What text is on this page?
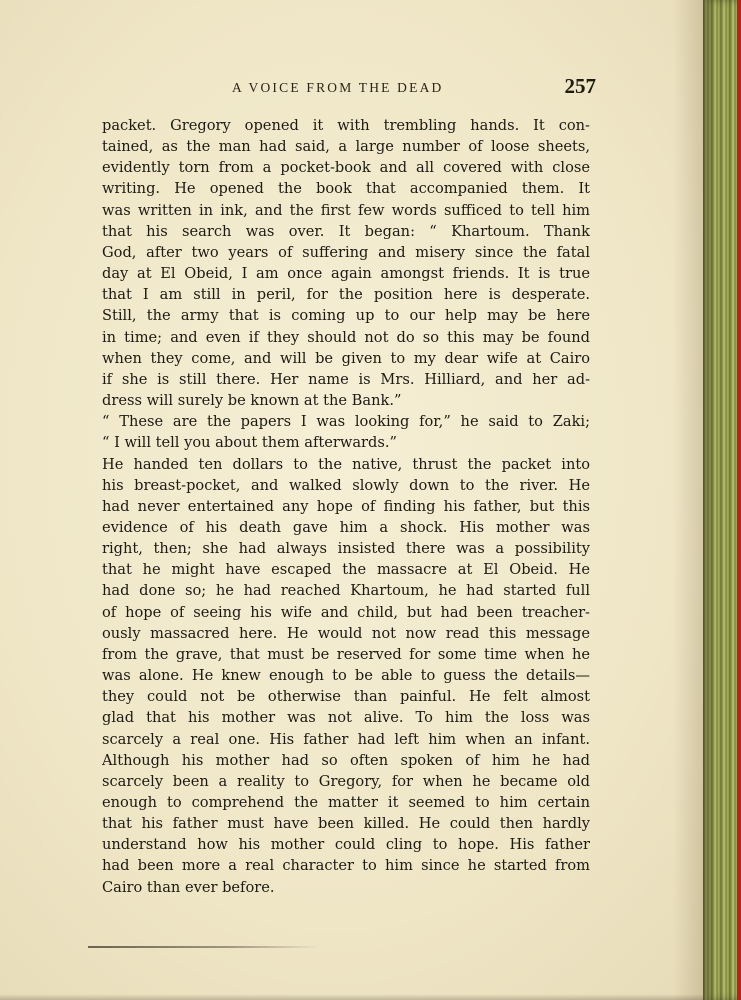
A VOICE FROM THE DEAD	257

packet. Gregory opened it with trembling hands. It con-

tained, as the man had said, a large number of loose sheets,

evidently torn from a pocket-book and all covered with close

writing. He opened the book that accompanied them. It

was written in ink, and the first few words sufficed to tell him

that his search was over. It began: “ Khartoum. Thank

God, after two years of suffering and misery since the fatal

day at El Obeid, I am once again amongst friends. It is true

that I am still in peril, for the position here is desperate.

Still, the army that is coming up to our help may be here

in time; and even if they should not do so this may be found

when they come, and will be given to my dear wife at Cairo

if she is still there. Her name is Mrs. Hilliard, and her ad-

dress will surely be known at the Bank.”

“ These are the papers I was looking for,” he said to Zaki;

“ I will tell you about them afterwards.”

He handed ten dollars to the native, thrust the packet into

his breast-pocket, and walked slowly down to the river. He

had never entertained any hope of finding his father, but this

evidence of his death gave him a shock. His mother was

right, then; she had always insisted there was a possibility

that he might have escaped the massacre at El Obeid. He

had done so; he had reached Khartoum, he had started full

of hope of seeing his wife and child, but had been treacher-

ously massacred here. He would not now read this message

from the grave, that must be reserved for some time when he

was alone. He knew enough to be able to guess the details—

they could not be otherwise than painful. He felt almost

glad that his mother was not alive. To him the loss was

scarcely a real one. His father had left him when an infant.

Although his mother had so often spoken of him he had

scarcely been a reality to Gregory, for when he became old

enough to comprehend the matter it seemed to him certain

that his father must have been killed. He could then hardly

understand how his mother could cling to hope. His father

had been more a real character to him since he started from

Cairo than ever before.
